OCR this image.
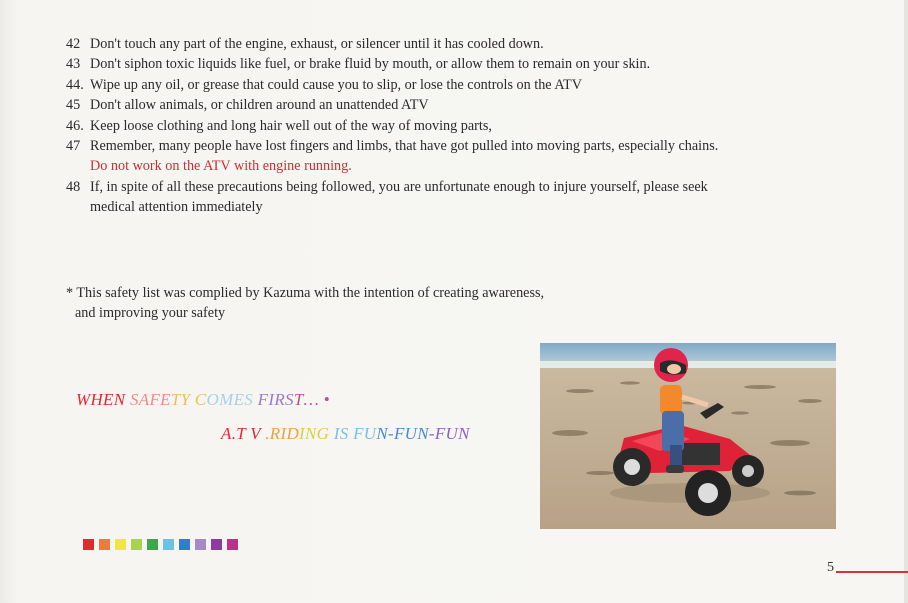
42 Don't touch any part of the engine, exhaust, or silencer until it has cooled down.
43 Don't siphon toxic liquids like fuel, or brake fluid by mouth, or allow them to remain on your skin.
44. Wipe up any oil, or grease that could cause you to slip, or lose the controls on the ATV
45 Don't allow animals, or children around an unattended ATV
46. Keep loose clothing and long hair well out of the way of moving parts,
47 Remember, many people have lost fingers and limbs, that have got pulled into moving parts, especially chains.
Do not work on the ATV with engine running.
48 If, in spite of all these precautions being followed, you are unfortunate enough to injure yourself, please seek
medical attention immediately
* This safety list was complied by Kazuma with the intention of creating awareness,
and improving your safety
WHEN SAFETY COMES FIRST… •
A.T V .RIDING IS FUN-FUN-FUN
5
